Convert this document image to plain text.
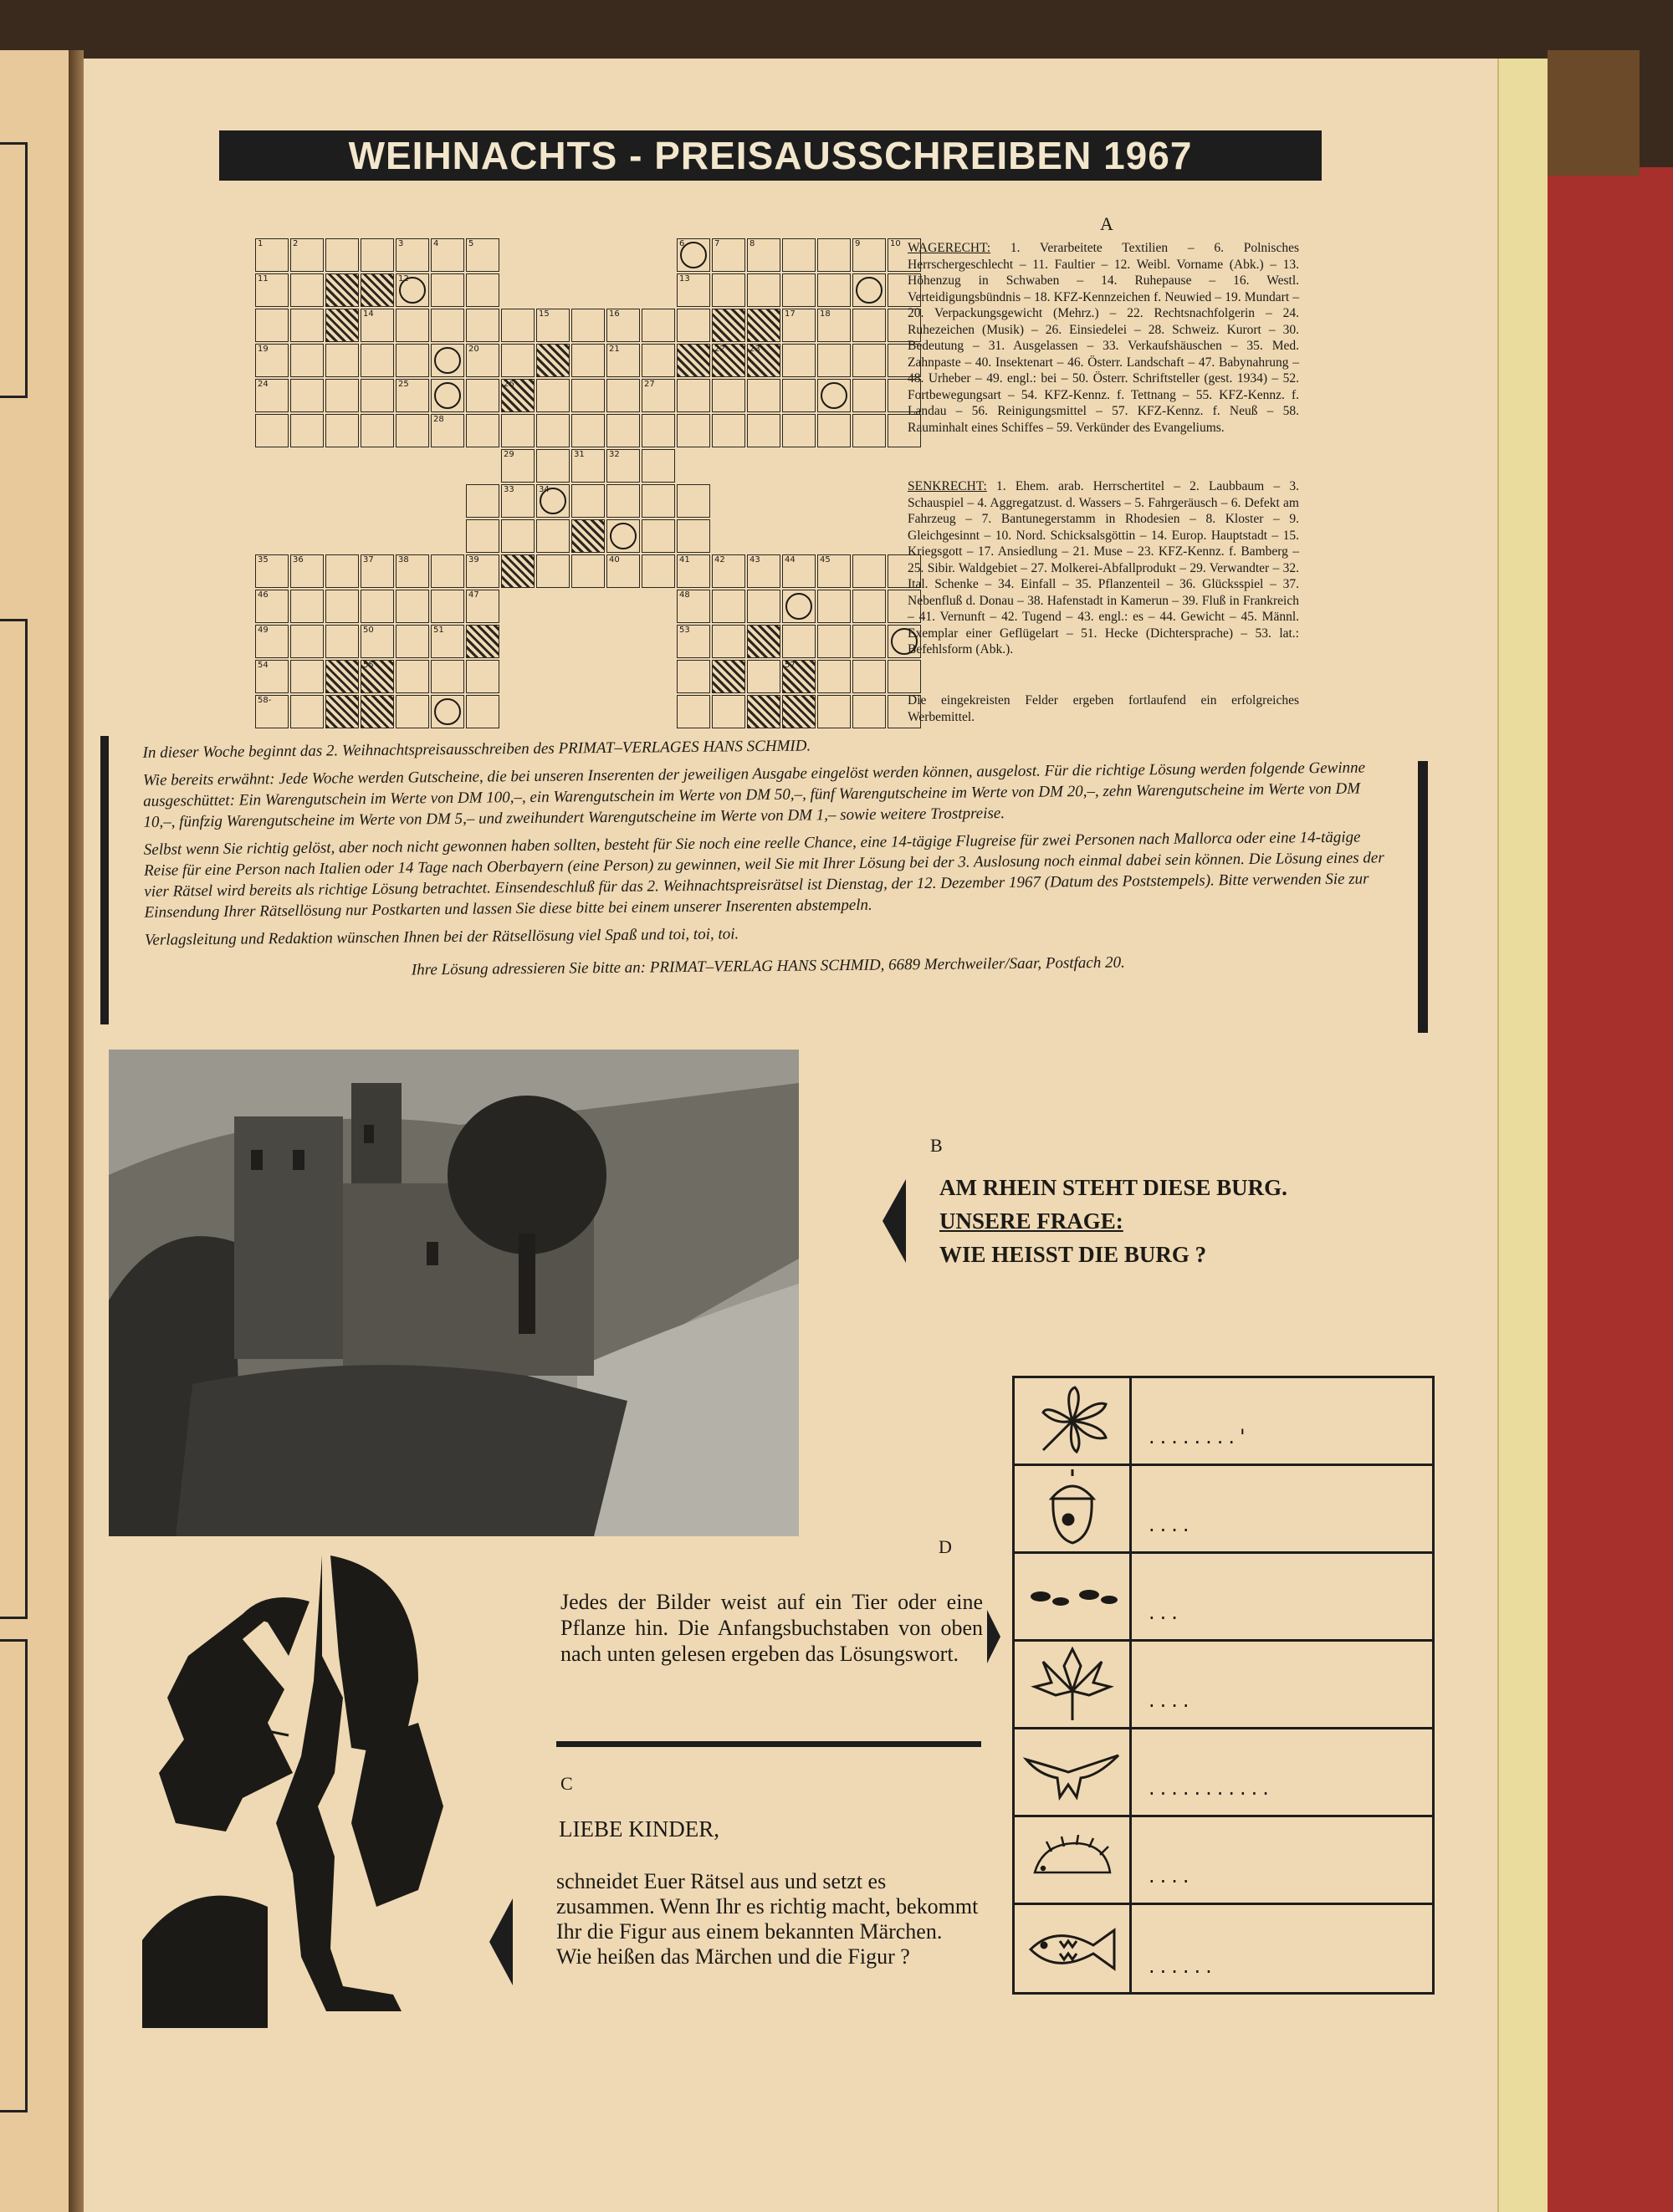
WEIHNACHTS - PREISAUSSCHREIBEN 1967
1	2	3	4	5
11	12
14
19	20
24	25
28
6	7	8	9	10
13
17	18
22	23
15	16
21
26	27
29	31	32
33	34
39	40	41
35	36	37	38
46	47
49	50	51
54	55
58-
42	43	44	45
48
53
57
A
WAGERECHT: 1. Verarbeitete Textilien – 6. Polnisches Herrschergeschlecht – 11. Faultier – 12. Weibl. Vorname (Abk.) – 13. Höhenzug in Schwaben – 14. Ruhepause – 16. Westl. Verteidigungsbündnis – 18. KFZ-Kennzeichen f. Neuwied – 19. Mundart – 20. Verpackungsgewicht (Mehrz.) – 22. Rechtsnachfolgerin – 24. Ruhezeichen (Musik) – 26. Einsiedelei – 28. Schweiz. Kurort – 30. Bedeutung – 31. Ausgelassen – 33. Verkaufshäuschen – 35. Med. Zahnpaste – 40. Insektenart – 46. Österr. Landschaft – 47. Babynahrung – 48. Urheber – 49. engl.: bei – 50. Österr. Schriftsteller (gest. 1934) – 52. Fortbewegungsart – 54. KFZ-Kennz. f. Tettnang – 55. KFZ-Kennz. f. Landau – 56. Reinigungsmittel – 57. KFZ-Kennz. f. Neuß – 58. Rauminhalt eines Schiffes – 59. Verkünder des Evangeliums.
SENKRECHT: 1. Ehem. arab. Herrschertitel – 2. Laubbaum – 3. Schauspiel – 4. Aggregatzust. d. Wassers – 5. Fahrgeräusch – 6. Defekt am Fahrzeug – 7. Bantunegerstamm in Rhodesien – 8. Kloster – 9. Gleichgesinnt – 10. Nord. Schicksalsgöttin – 14. Europ. Hauptstadt – 15. Kriegsgott – 17. Ansiedlung – 21. Muse – 23. KFZ-Kennz. f. Bamberg – 25. Sibir. Waldgebiet – 27. Molkerei-Abfallprodukt – 29. Verwandter – 32. Ital. Schenke – 34. Einfall – 35. Pflanzenteil – 36. Glücksspiel – 37. Nebenfluß d. Donau – 38. Hafenstadt in Kamerun – 39. Fluß in Frankreich – 41. Vernunft – 42. Tugend – 43. engl.: es – 44. Gewicht – 45. Männl. Exemplar einer Geflügelart – 51. Hecke (Dichtersprache) – 53. lat.: Befehlsform (Abk.).
Die eingekreisten Felder ergeben fortlaufend ein erfolgreiches Werbemittel.

In dieser Woche beginnt das 2. Weihnachtspreisausschreiben des PRIMAT–VERLAGES HANS SCHMID.

Wie bereits erwähnt: Jede Woche werden Gutscheine, die bei unseren Inserenten der jeweiligen Ausgabe eingelöst werden können, ausgelost. Für die richtige Lösung werden folgende Gewinne ausgeschüttet: Ein Warengutschein im Werte von DM 100,–, ein Warengutschein im Werte von DM 50,–, fünf Warengutscheine im Werte von DM 20,–, zehn Warengutscheine im Werte von DM 10,–, fünfzig Warengutscheine im Werte von DM 5,– und zweihundert Warengutscheine im Werte von DM 1,– sowie weitere Trostpreise.

Selbst wenn Sie richtig gelöst, aber noch nicht gewonnen haben sollten, besteht für Sie noch eine reelle Chance, eine 14-tägige Flugreise für zwei Personen nach Mallorca oder eine 14-tägige Reise für eine Person nach Italien oder 14 Tage nach Oberbayern (eine Person) zu gewinnen, weil Sie mit Ihrer Lösung bei der 3. Auslosung noch einmal dabei sein können. Die Lösung eines der vier Rätsel wird bereits als richtige Lösung betrachtet. Einsendeschluß für das 2. Weihnachtspreisrätsel ist Dienstag, der 12. Dezember 1967 (Datum des Poststempels). Bitte verwenden Sie zur Einsendung Ihrer Rätsellösung nur Postkarten und lassen Sie diese bitte bei einem unserer Inserenten abstempeln.

Verlagsleitung und Redaktion wünschen Ihnen bei der Rätsellösung viel Spaß und toi, toi, toi.

Ihre Lösung adressieren Sie bitte an: PRIMAT–VERLAG HANS SCHMID, 6689 Merchweiler/Saar, Postfach 20.

B
AM RHEIN STEHT DIESE BURG.
UNSERE FRAGE:
WIE HEISST DIE BURG ?
D
Jedes der Bilder weist auf ein Tier oder eine Pflanze hin. Die Anfangsbuchstaben von oben nach unten gelesen ergeben das Lösungswort.
........'
....
...
....
...........
....
......
C
LIEBE KINDER,
schneidet Euer Rätsel aus und setzt es zusammen. Wenn Ihr es richtig macht, bekommt Ihr die Figur aus einem bekannten Märchen. Wie heißen das Märchen und die Figur ?
